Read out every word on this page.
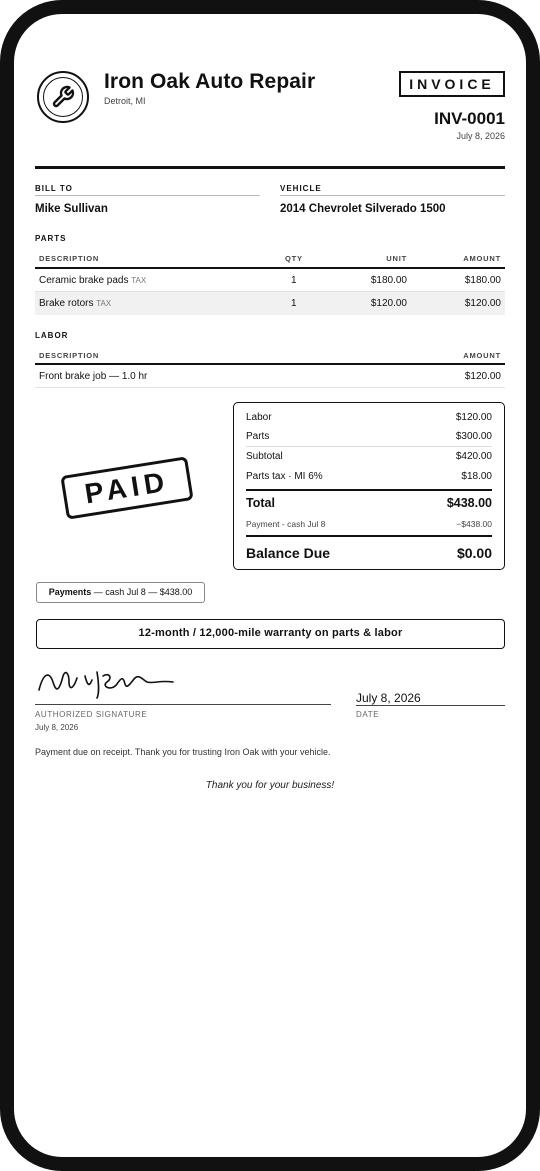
Iron Oak Auto Repair
Detroit, MI
INVOICE
INV-0001
July 8, 2026
BILL TO
Mike Sullivan
VEHICLE
2014 Chevrolet Silverado 1500
PARTS
DESCRIPTION	QTY	UNIT	AMOUNT
Ceramic brake pads TAX	1	$180.00	$180.00
Brake rotors TAX	1	$120.00	$120.00
LABOR
DESCRIPTION	AMOUNT
Front brake job — 1.0 hr	$120.00
PAID
Labor	$120.00
Parts	$300.00
Subtotal	$420.00
Parts tax · MI 6%	$18.00
Total	$438.00
Payment - cash Jul 8	−$438.00
Balance Due	$0.00
Payments — cash Jul 8 — $438.00
12-month / 12,000-mile warranty on parts & labor
AUTHORIZED SIGNATURE
July 8, 2026
July 8, 2026
DATE
Payment due on receipt. Thank you for trusting Iron Oak with your vehicle.
Thank you for your business!
